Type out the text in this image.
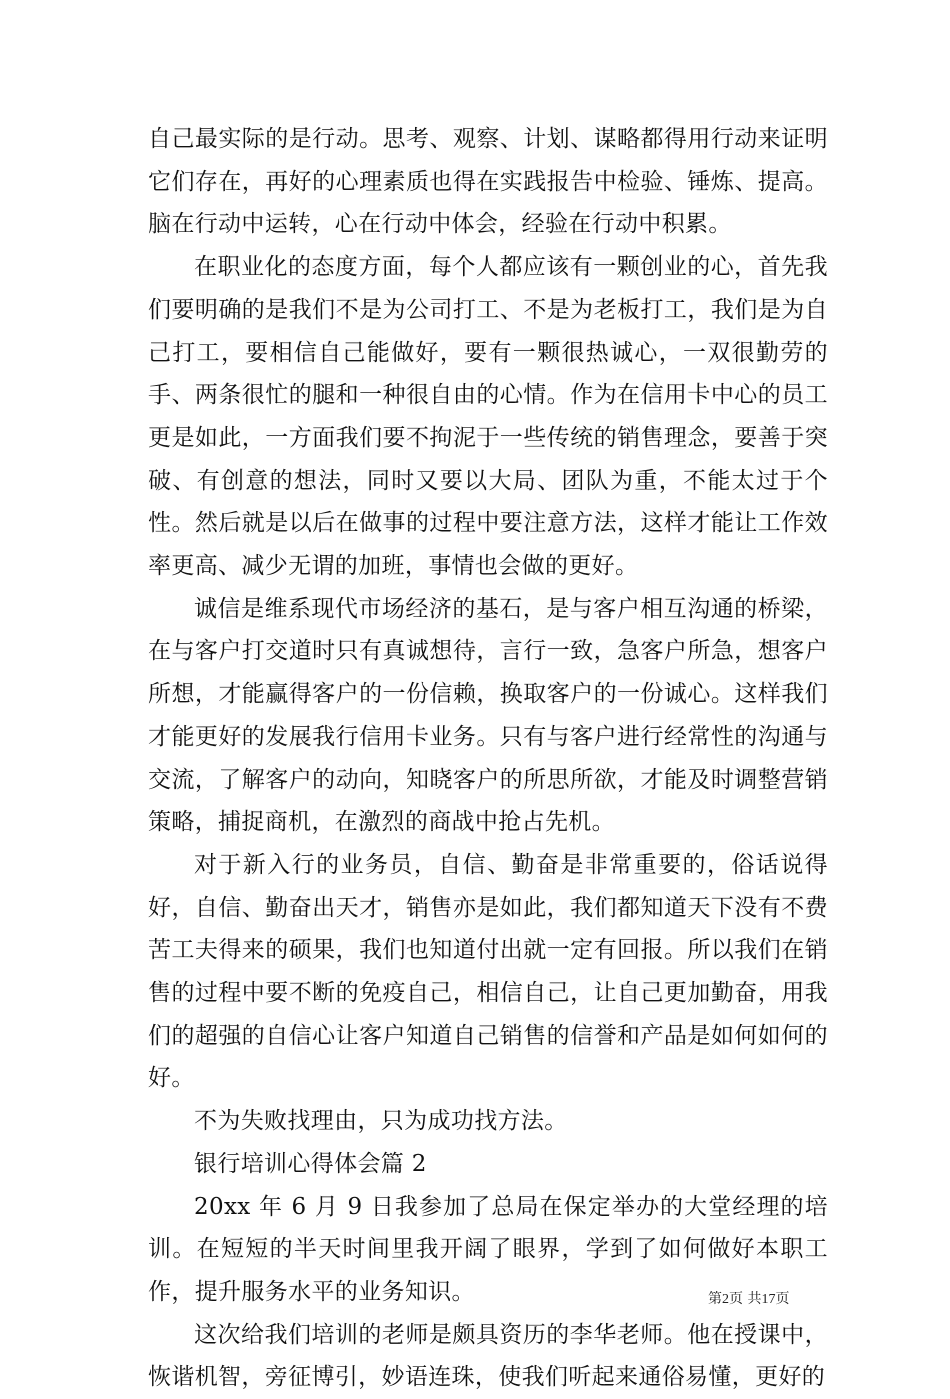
自己最实际的是行动。思考、观察、计划、谋略都得用行动来证明它们存在，再好的心理素质也得在实践报告中检验、锤炼、提高。脑在行动中运转，心在行动中体会，经验在行动中积累。

在职业化的态度方面，每个人都应该有一颗创业的心，首先我们要明确的是我们不是为公司打工、不是为老板打工，我们是为自己打工，要相信自己能做好，要有一颗很热诚心，一双很勤劳的手、两条很忙的腿和一种很自由的心情。作为在信用卡中心的员工更是如此，一方面我们要不拘泥于一些传统的销售理念，要善于突破、有创意的想法，同时又要以大局、团队为重，不能太过于个性。然后就是以后在做事的过程中要注意方法，这样才能让工作效率更高、减少无谓的加班，事情也会做的更好。

诚信是维系现代市场经济的基石，是与客户相互沟通的桥梁，在与客户打交道时只有真诚想待，言行一致，急客户所急，想客户所想，才能赢得客户的一份信赖，换取客户的一份诚心。这样我们才能更好的发展我行信用卡业务。只有与客户进行经常性的沟通与交流，了解客户的动向，知晓客户的所思所欲，才能及时调整营销策略，捕捉商机，在激烈的商战中抢占先机。

对于新入行的业务员，自信、勤奋是非常重要的，俗话说得好，自信、勤奋出天才，销售亦是如此，我们都知道天下没有不费苦工夫得来的硕果，我们也知道付出就一定有回报。所以我们在销售的过程中要不断的免疫自己，相信自己，让自己更加勤奋，用我们的超强的自信心让客户知道自己销售的信誉和产品是如何如何的好。

不为失败找理由，只为成功找方法。

银行培训心得体会篇 2

20xx 年 6 月 9 日我参加了总局在保定举办的大堂经理的培训。在短短的半天时间里我开阔了眼界，学到了如何做好本职工作，提升服务水平的业务知识。

这次给我们培训的老师是颇具资历的李华老师。他在授课中，恢谐机智，旁征博引，妙语连珠，使我们听起来通俗易懂，更好的

第2页 共17页
